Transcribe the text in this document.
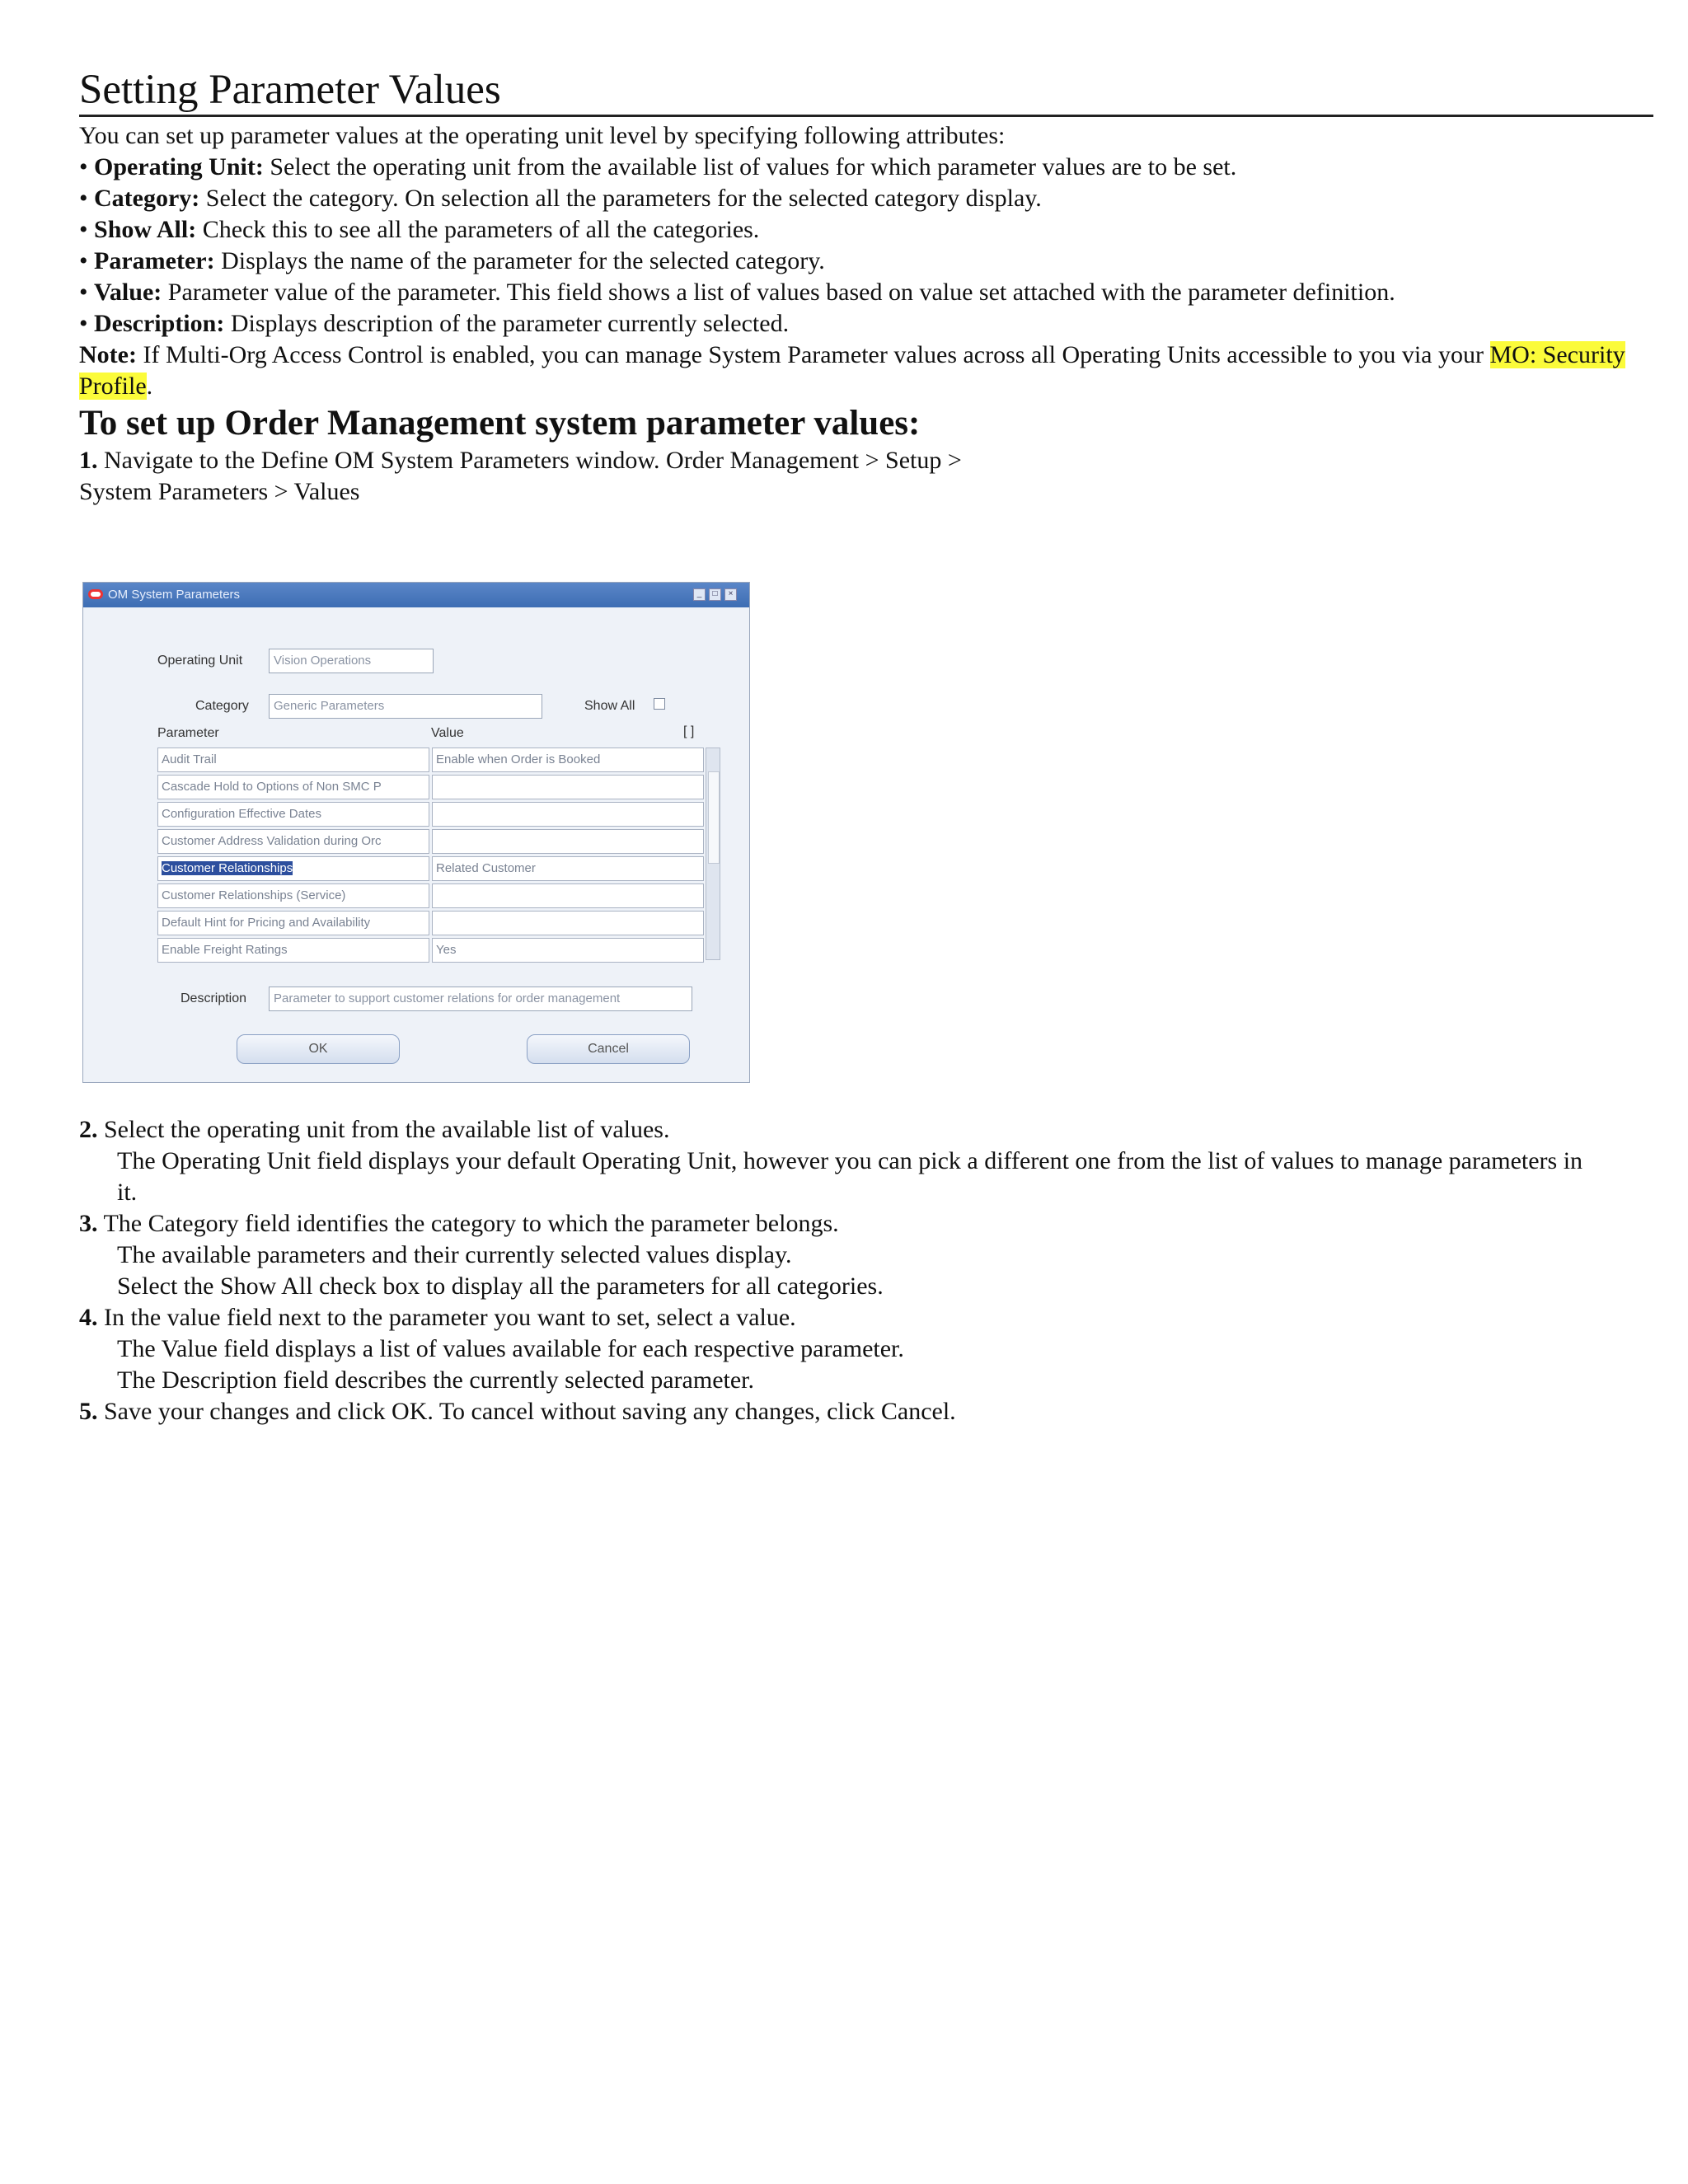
Setting Parameter Values

You can set up parameter values at the operating unit level by specifying following attributes:

• Operating Unit: Select the operating unit from the available list of values for which parameter values are to be set.
• Category: Select the category. On selection all the parameters for the selected category display.
• Show All: Check this to see all the parameters of all the categories.
• Parameter: Displays the name of the parameter for the selected category.
• Value: Parameter value of the parameter. This field shows a list of values based on value set attached with the parameter definition.
• Description: Displays description of the parameter currently selected.

Note: If Multi-Org Access Control is enabled, you can manage System Parameter values across all Operating Units accessible to you via your MO: Security Profile.

To set up Order Management system parameter values:

1. Navigate to the Define OM System Parameters window. Order Management > Setup > System Parameters > Values

OM System Parameters	_	□	×
Operating Unit	Vision Operations
Category	Generic Parameters	Show All
Parameter	Value	[ ]
Audit Trail	Enable when Order is Booked
Cascade Hold to Options of Non SMC P
Configuration Effective Dates
Customer Address Validation during Orc
Customer Relationships	Related Customer
Customer Relationships (Service)
Default Hint for Pricing and Availability
Enable Freight Ratings	Yes
Description	Parameter to support customer relations for order management
OK	Cancel

2. Select the operating unit from the available list of values.

The Operating Unit field displays your default Operating Unit, however you can pick a different one from the list of values to manage parameters in it.

3. The Category field identifies the category to which the parameter belongs.

The available parameters and their currently selected values display.

Select the Show All check box to display all the parameters for all categories.

4. In the value field next to the parameter you want to set, select a value.

The Value field displays a list of values available for each respective parameter.

The Description field describes the currently selected parameter.

5. Save your changes and click OK. To cancel without saving any changes, click Cancel.
